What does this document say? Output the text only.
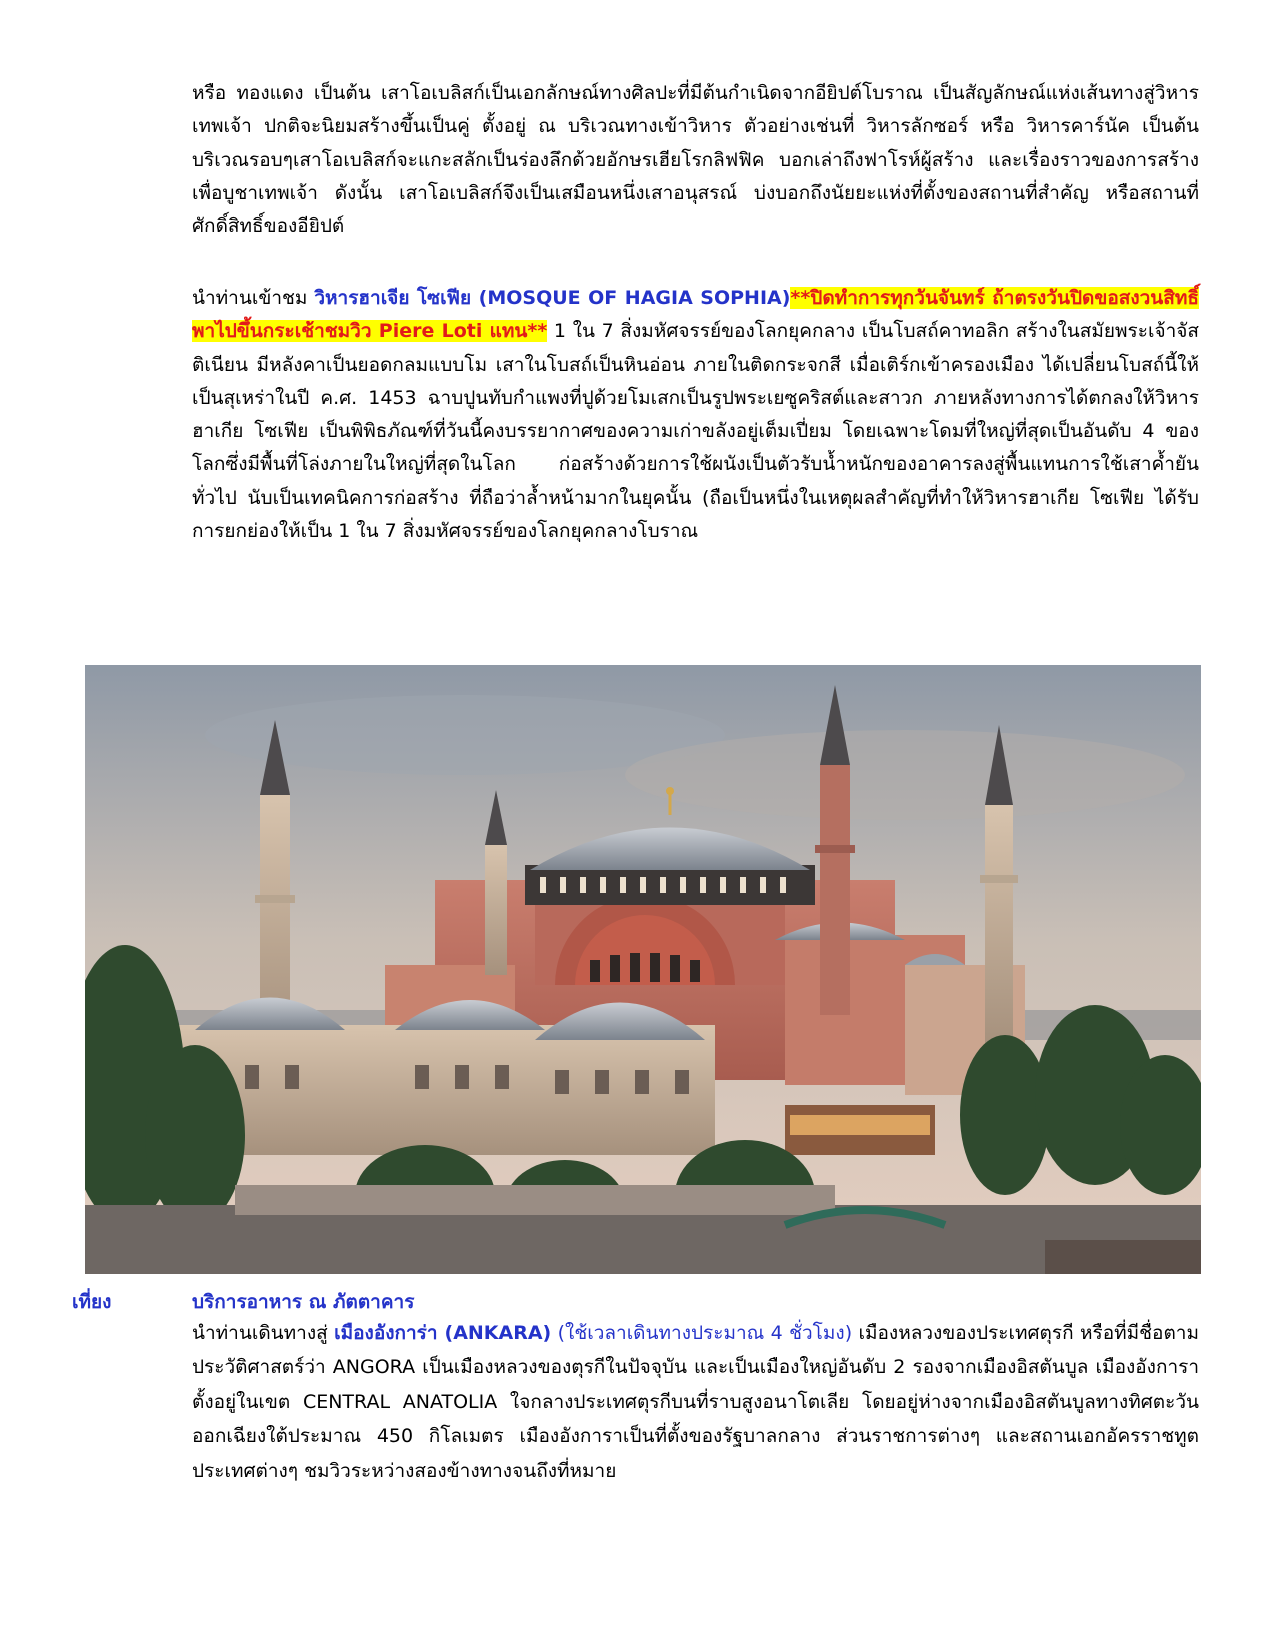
หรือ ทองแดง เป็นต้น เสาโอเบลิสก์เป็นเอกลักษณ์ทางศิลปะที่มีต้นกำเนิดจากอียิปต์โบราณ เป็นสัญลักษณ์แห่งเส้นทางสู่วิหารเทพเจ้า ปกติจะนิยมสร้างขึ้นเป็นคู่ ตั้งอยู่ ณ บริเวณทางเข้าวิหาร ตัวอย่างเช่นที่ วิหารลักซอร์ หรือ วิหารคาร์นัค เป็นต้น บริเวณรอบๆเสาโอเบลิสก์จะแกะสลักเป็นร่องลึกด้วยอักษรเฮียโรกลิฟฟิค บอกเล่าถึงฟาโรห์ผู้สร้าง และเรื่องราวของการสร้างเพื่อบูชาเทพเจ้า ดังนั้น เสาโอเบลิสก์จึงเป็นเสมือนหนึ่งเสาอนุสรณ์ บ่งบอกถึงนัยยะแห่งที่ตั้งของสถานที่สำคัญ หรือสถานที่ศักดิ์สิทธิ์ของอียิปต์
นำท่านเข้าชม วิหารฮาเจีย โซเฟีย (MOSQUE OF HAGIA SOPHIA)**ปิดทำการทุกวันจันทร์ ถ้าตรงวันปิดขอสงวนสิทธิ์พาไปขึ้นกระเช้าชมวิว Piere Loti แทน** 1 ใน 7 สิ่งมหัศจรรย์ของโลกยุคกลาง เป็นโบสถ์คาทอลิก สร้างในสมัยพระเจ้าจัสติเนียน มีหลังคาเป็นยอดกลมแบบโม เสาในโบสถ์เป็นหินอ่อน ภายในติดกระจกสี เมื่อเติร์กเข้าครองเมือง ได้เปลี่ยนโบสถ์นี้ให้เป็นสุเหร่าในปี ค.ศ. 1453 ฉาบปูนทับกำแพงที่ปูด้วยโมเสกเป็นรูปพระเยซูคริสต์และสาวก ภายหลังทางการได้ตกลงให้วิหารฮาเกีย โซเฟีย เป็นพิพิธภัณฑ์ที่วันนี้คงบรรยากาศของความเก่าขลังอยู่เต็มเปี่ยม โดยเฉพาะโดมที่ใหญ่ที่สุดเป็นอันดับ 4 ของโลกซึ่งมีพื้นที่โล่งภายในใหญ่ที่สุดในโลก ก่อสร้างด้วยการใช้ผนังเป็นตัวรับน้ำหนักของอาคารลงสู่พื้นแทนการใช้เสาค้ำยันทั่วไป นับเป็นเทคนิคการก่อสร้าง ที่ถือว่าล้ำหน้ามากในยุคนั้น (ถือเป็นหนึ่งในเหตุผลสำคัญที่ทำให้วิหารฮาเกีย โซเฟีย ได้รับการยกย่องให้เป็น 1 ใน 7 สิ่งมหัศจรรย์ของโลกยุคกลางโบราณ
เที่ยง	บริการอาหาร ณ ภัตตาคาร
นำท่านเดินทางสู่ เมืองอังการ่า (ANKARA) (ใช้เวลาเดินทางประมาณ 4 ชั่วโมง) เมืองหลวงของประเทศตุรกี หรือที่มีชื่อตามประวัติศาสตร์ว่า ANGORA เป็นเมืองหลวงของตุรกีในปัจจุบัน และเป็นเมืองใหญ่อันดับ 2 รองจากเมืองอิสตันบูล เมืองอังการาตั้งอยู่ในเขต CENTRAL ANATOLIA ใจกลางประเทศตุรกีบนที่ราบสูงอนาโตเลีย โดยอยู่ห่างจากเมืองอิสตันบูลทางทิศตะวันออกเฉียงใต้ประมาณ 450 กิโลเมตร เมืองอังการาเป็นที่ตั้งของรัฐบาลกลาง ส่วนราชการต่างๆ และสถานเอกอัครราชทูตประเทศต่างๆ ชมวิวระหว่างสองข้างทางจนถึงที่หมาย
